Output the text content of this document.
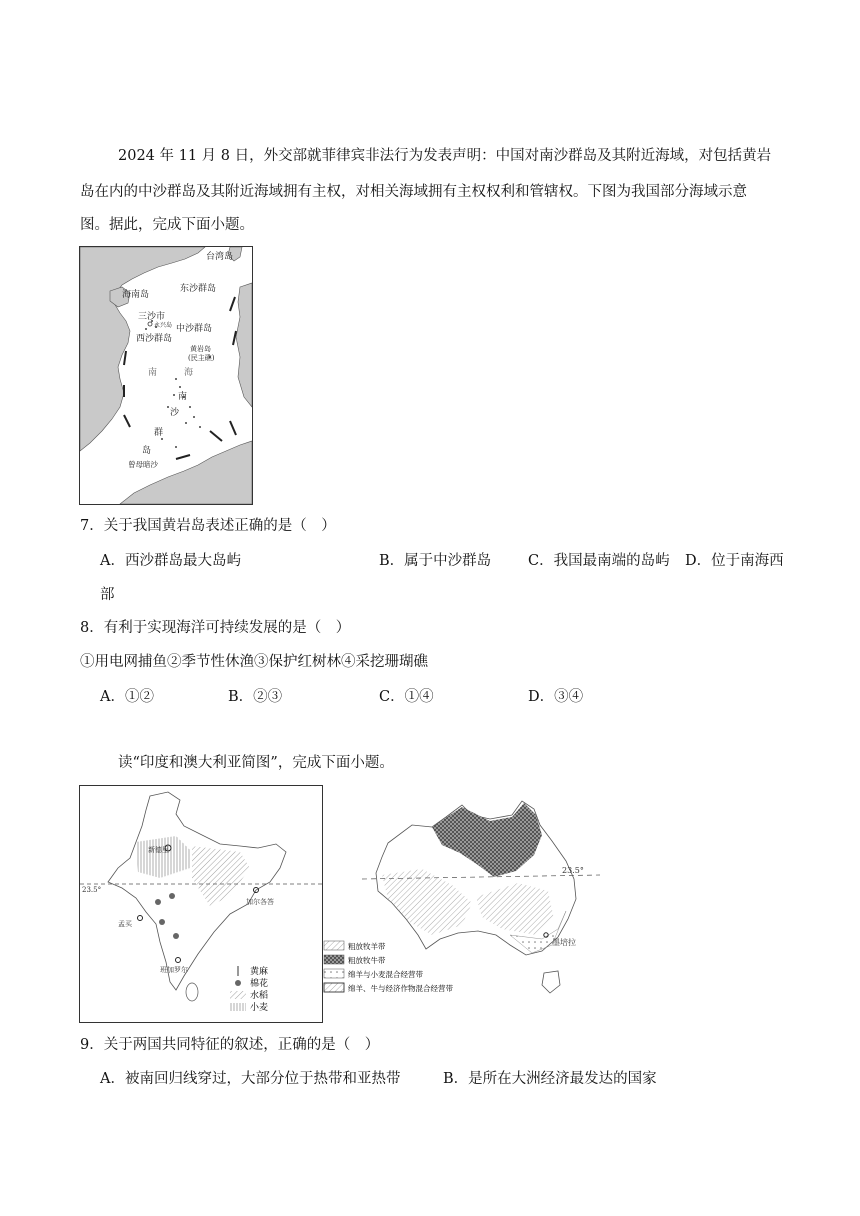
2024 年 11 月 8 日，外交部就菲律宾非法行为发表声明：中国对南沙群岛及其附近海域，对包括黄岩
岛在内的中沙群岛及其附近海域拥有主权，对相关海域拥有主权权利和管辖权。下图为我国部分海域示意
图。据此，完成下面小题。
台湾岛
东沙群岛
海南岛
三沙市
永兴岛 中沙群岛
西沙群岛
黄岩岛
(民主礁)
南	海
南
沙
群
岛
曾母暗沙
7．关于我国黄岩岛表述正确的是（　）
A．西沙群岛最大岛屿	B．属于中沙群岛	C．我国最南端的岛屿 D．位于南海西
部
8．有利于实现海洋可持续发展的是（　）
①用电网捕鱼②季节性休渔③保护红树林④采挖珊瑚礁
A．①②	B．②③	C．①④	D．③④
读“印度和澳大利亚简图”，完成下面小题。
新德里
加尔各答
孟买
班加罗尔
23.5°
黄麻
棉花
水稻
小麦
23.5°
墨培拉
粗放牧羊带
粗放牧牛带
绵羊与小麦混合经营带
绵羊、牛与经济作物混合经营带
9．关于两国共同特征的叙述，正确的是（　）
A．被南回归线穿过，大部分位于热带和亚热带	B．是所在大洲经济最发达的国家
